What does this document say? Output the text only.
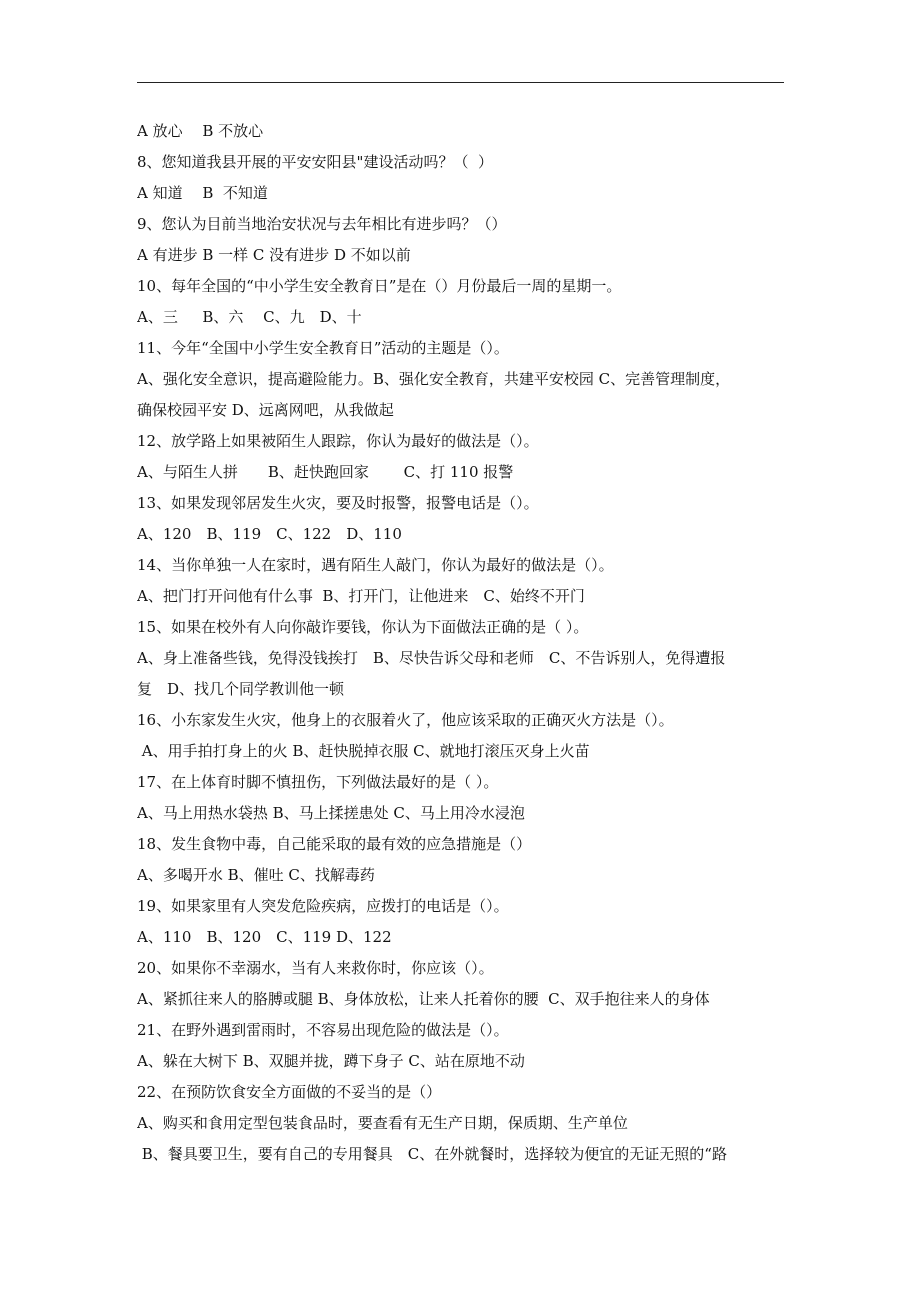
A 放心　 B 不放心
8、您知道我县开展的平安安阳县"建设活动吗？（  ）
A 知道　 B  不知道
9、您认为目前当地治安状况与去年相比有进步吗？（）
A 有进步 B 一样 C 没有进步 D 不如以前
10、每年全国的“中小学生安全教育日”是在（）月份最后一周的星期一。
A、三　  B、六　 C、九　D、十
11、今年“全国中小学生安全教育日”活动的主题是（）。
A、强化安全意识，提高避险能力。B、强化安全教育，共建平安校园 C、完善管理制度，
确保校园平安 D、远离网吧，从我做起
12、放学路上如果被陌生人跟踪，你认为最好的做法是（）。
A、与陌生人拼　　B、赶快跑回家　　 C、打 110 报警
13、如果发现邻居发生火灾，要及时报警，报警电话是（）。
A、120　B、119　C、122　D、110
14、当你单独一人在家时，遇有陌生人敲门，你认为最好的做法是（）。
A、把门打开问他有什么事  B、打开门，让他进来　C、始终不开门
15、如果在校外有人向你敲诈要钱，你认为下面做法正确的是（ ）。
A、身上准备些钱，免得没钱挨打　B、尽快告诉父母和老师　C、不告诉别人，免得遭报
复　D、找几个同学教训他一顿
16、小东家发生火灾，他身上的衣服着火了，他应该采取的正确灭火方法是（）。
A、用手拍打身上的火 B、赶快脱掉衣服 C、就地打滚压灭身上火苗
17、在上体育时脚不慎扭伤，下列做法最好的是（ ）。
A、马上用热水袋热 B、马上揉搓患处 C、马上用冷水浸泡
18、发生食物中毒，自己能采取的最有效的应急措施是（）
A、多喝开水 B、催吐 C、找解毒药
19、如果家里有人突发危险疾病，应拨打的电话是（）。
A、110　B、120　C、119 D、122
20、如果你不幸溺水，当有人来救你时，你应该（）。
A、紧抓往来人的胳膊或腿 B、身体放松，让来人托着你的腰  C、双手抱往来人的身体
21、在野外遇到雷雨时，不容易出现危险的做法是（）。
A、躲在大树下 B、双腿并拢，蹲下身子 C、站在原地不动
22、在预防饮食安全方面做的不妥当的是（）
A、购买和食用定型包装食品时，要查看有无生产日期，保质期、生产单位
B、餐具要卫生，要有自己的专用餐具　C、在外就餐时，选择较为便宜的无证无照的“路
